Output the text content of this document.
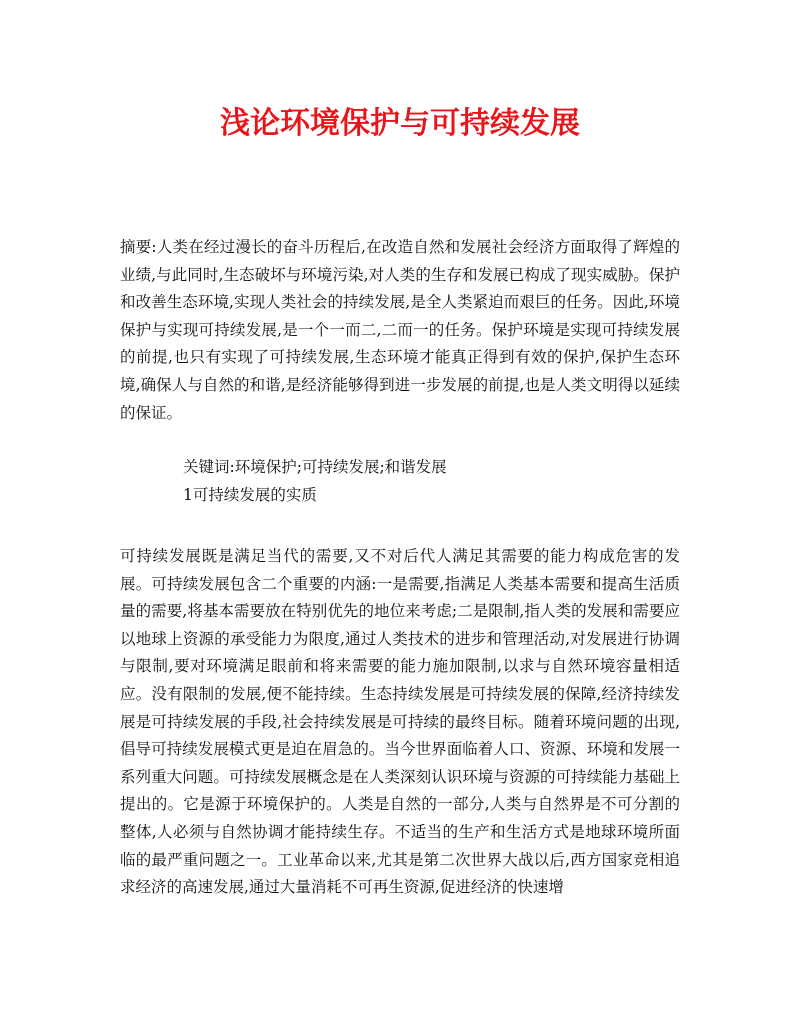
浅论环境保护与可持续发展

摘要:人类在经过漫长的奋斗历程后,在改造自然和发展社会经济方面取得了辉煌的业绩,与此同时,生态破坏与环境污染,对人类的生存和发展已构成了现实威胁。保护和改善生态环境,实现人类社会的持续发展,是全人类紧迫而艰巨的任务。因此,环境保护与实现可持续发展,是一个一而二,二而一的任务。保护环境是实现可持续发展的前提,也只有实现了可持续发展,生态环境才能真正得到有效的保护,保护生态环境,确保人与自然的和谐,是经济能够得到进一步发展的前提,也是人类文明得以延续的保证。

关键词:环境保护;可持续发展;和谐发展

1可持续发展的实质

可持续发展既是满足当代的需要,又不对后代人满足其需要的能力构成危害的发展。可持续发展包含二个重要的内涵:一是需要,指满足人类基本需要和提高生活质量的需要,将基本需要放在特别优先的地位来考虑;二是限制,指人类的发展和需要应以地球上资源的承受能力为限度,通过人类技术的进步和管理活动,对发展进行协调与限制,要对环境满足眼前和将来需要的能力施加限制,以求与自然环境容量相适应。没有限制的发展,便不能持续。生态持续发展是可持续发展的保障,经济持续发展是可持续发展的手段,社会持续发展是可持续的最终目标。随着环境问题的出现,倡导可持续发展模式更是迫在眉急的。当今世界面临着人口、资源、环境和发展一系列重大问题。可持续发展概念是在人类深刻认识环境与资源的可持续能力基础上提出的。它是源于环境保护的。人类是自然的一部分,人类与自然界是不可分割的整体,人必须与自然协调才能持续生存。不适当的生产和生活方式是地球环境所面临的最严重问题之一。工业革命以来,尤其是第二次世界大战以后,西方国家竞相追求经济的高速发展,通过大量消耗不可再生资源,促进经济的快速增
